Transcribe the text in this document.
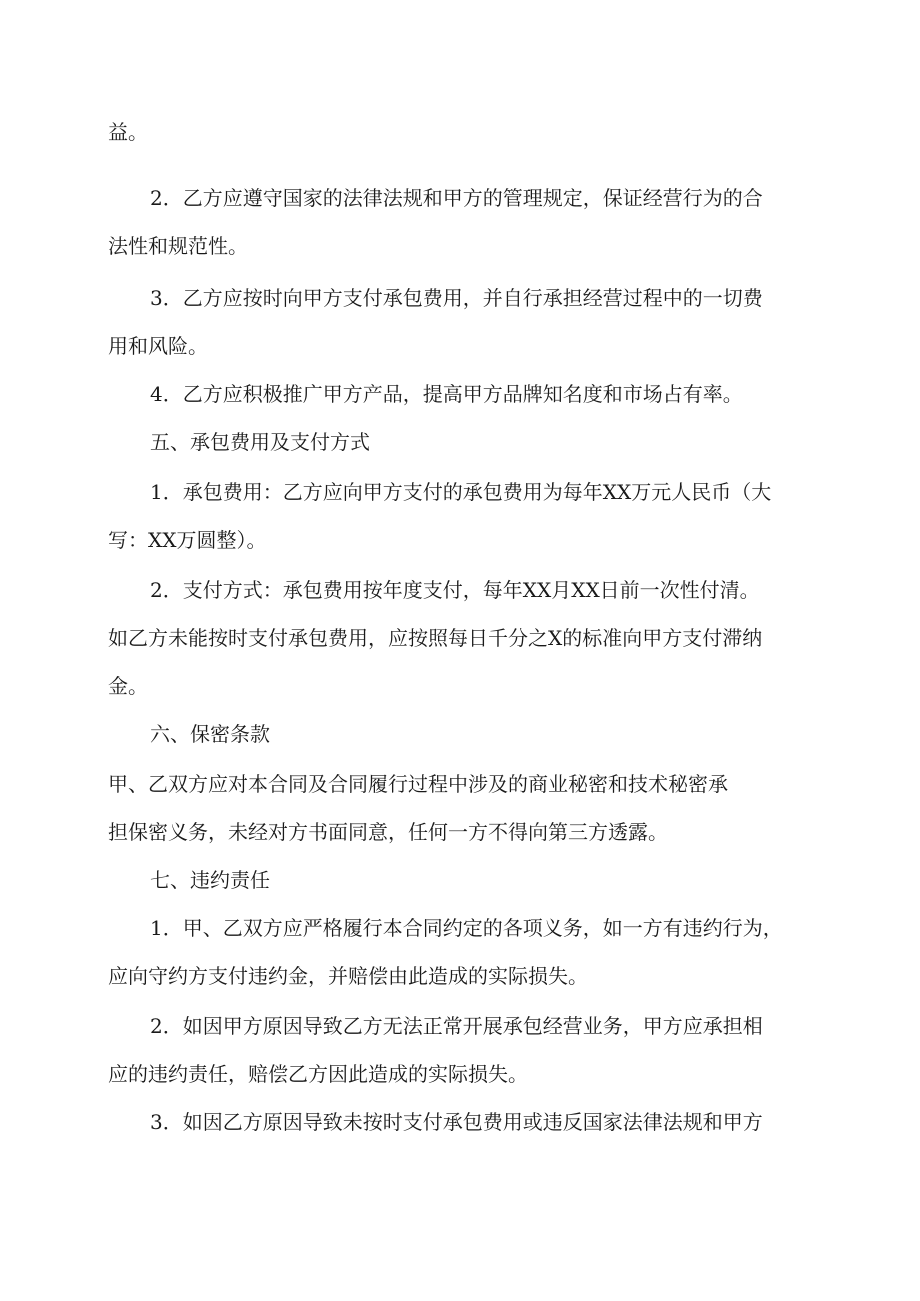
益。
2．乙方应遵守国家的法律法规和甲方的管理规定，保证经营行为的合
法性和规范性。
3．乙方应按时向甲方支付承包费用，并自行承担经营过程中的一切费
用和风险。
4．乙方应积极推广甲方产品，提高甲方品牌知名度和市场占有率。
五、承包费用及支付方式
1．承包费用：乙方应向甲方支付的承包费用为每年XX万元人民币（大
写：XX万圆整）。
2．支付方式：承包费用按年度支付，每年XX月XX日前一次性付清。
如乙方未能按时支付承包费用，应按照每日千分之X的标准向甲方支付滞纳
金。
六、保密条款
甲、乙双方应对本合同及合同履行过程中涉及的商业秘密和技术秘密承
担保密义务，未经对方书面同意，任何一方不得向第三方透露。
七、违约责任
1．甲、乙双方应严格履行本合同约定的各项义务，如一方有违约行为，
应向守约方支付违约金，并赔偿由此造成的实际损失。
2．如因甲方原因导致乙方无法正常开展承包经营业务，甲方应承担相
应的违约责任，赔偿乙方因此造成的实际损失。
3．如因乙方原因导致未按时支付承包费用或违反国家法律法规和甲方
